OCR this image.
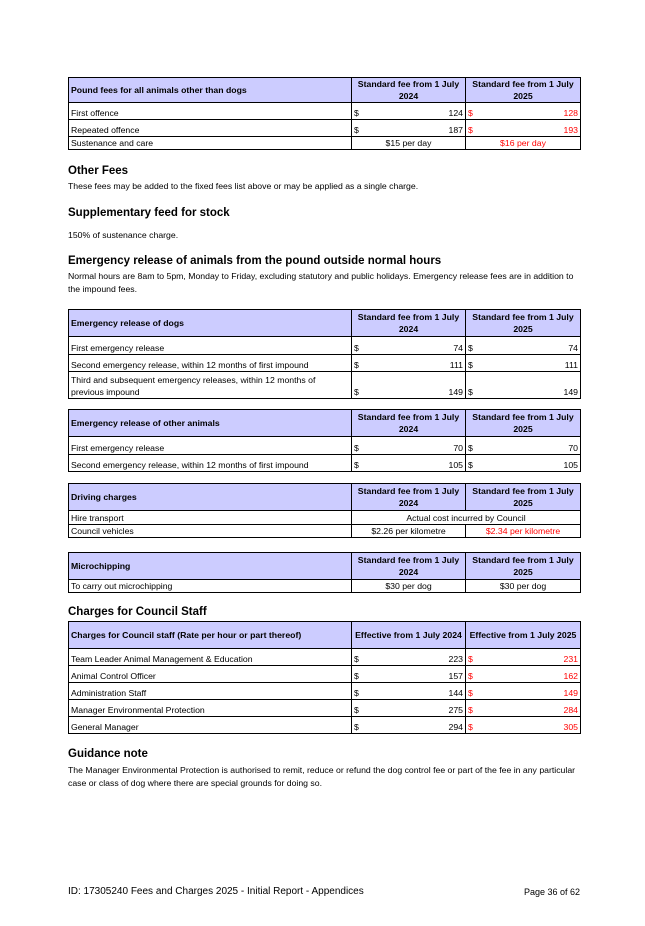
Pound fees for all animals other than dogs	Standard fee from 1 July 2024	Standard fee from 1 July 2025
First offence	$ 124	$ 128

Repeated offence	$ 187	$ 193

Sustenance and care	$15 per day	$16 per day
Other Fees
These fees may be added to the fixed fees list above or may be applied as a single charge.
Supplementary feed for stock
150% of sustenance charge.
Emergency release of animals from the pound outside normal hours
Normal hours are 8am to 5pm, Monday to Friday, excluding statutory and public holidays. Emergency release fees are in addition to the impound fees.
Emergency release of dogs	Standard fee from 1 July 2024	Standard fee from 1 July 2025
First emergency release	$ 74	$ 74

Second emergency release, within 12 months of first impound	$ 111	$ 111

Third and subsequent emergency releases, within 12 months of previous impound	$ 149	$ 149
Emergency release of other animals	Standard fee from 1 July 2024	Standard fee from 1 July 2025
First emergency release	$ 70	$ 70

Second emergency release, within 12 months of first impound	$ 105	$ 105
Driving charges	Standard fee from 1 July 2024	Standard fee from 1 July 2025
Hire transport	Actual cost incurred by Council	
Council vehicles	$2.26 per kilometre	$2.34 per kilometre
Microchipping	Standard fee from 1 July 2024	Standard fee from 1 July 2025
To carry out microchipping	$30 per dog	$30 per dog
Charges for Council Staff
Charges for Council staff (Rate per hour or part thereof)	Effective from 1 July 2024	Effective from 1 July 2025
Team Leader Animal Management & Education	$ 223	$ 231

Animal Control Officer	$ 157	$ 162

Administration Staff	$ 144	$ 149

Manager Environmental Protection	$ 275	$ 284

General Manager	$ 294	$ 305
Guidance note
The Manager Environmental Protection is authorised to remit, reduce or refund the dog control fee or part of the fee in any particular case or class of dog where there are special grounds for doing so.
ID: 17305240 Fees and Charges 2025 - Initial Report - Appendices	Page 36 of 62
